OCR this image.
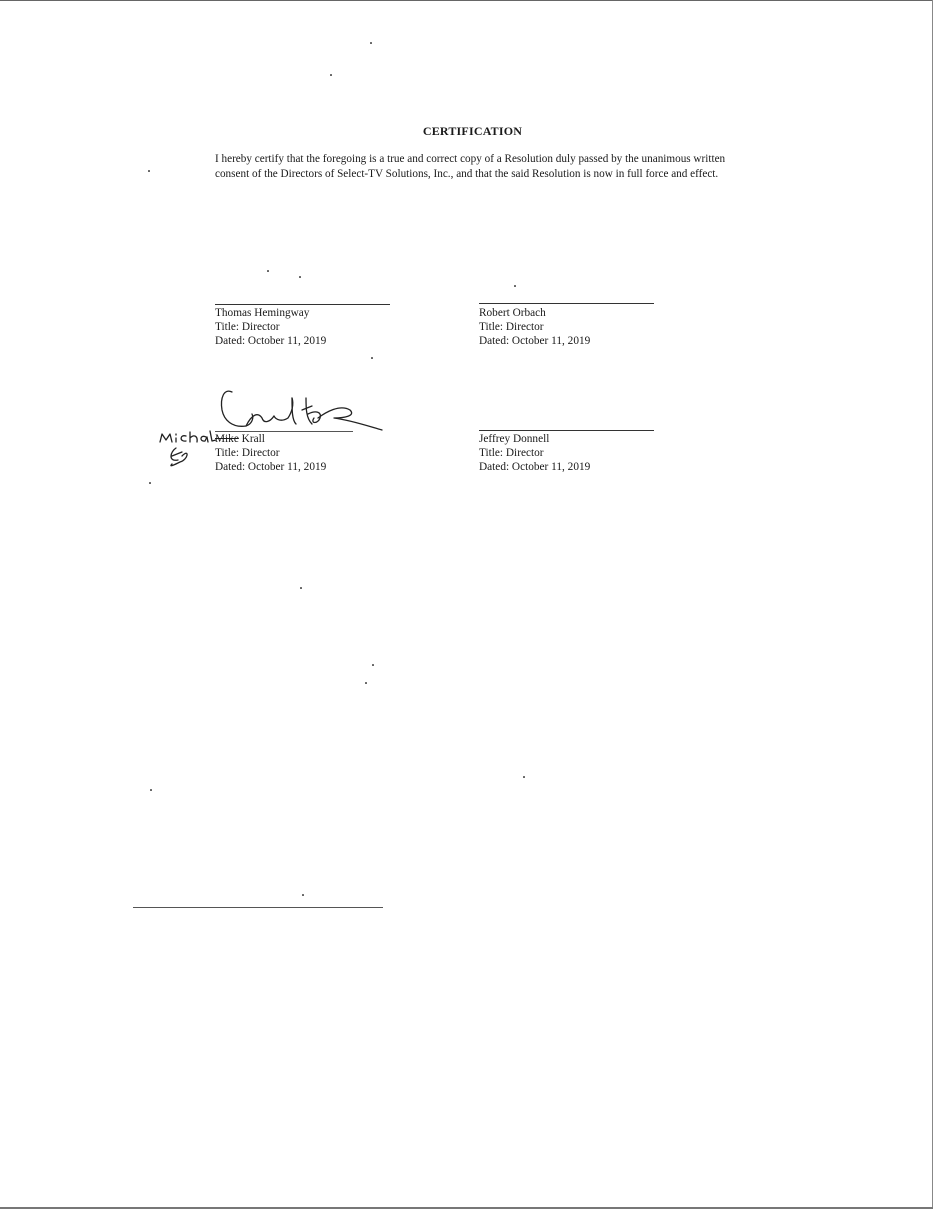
CERTIFICATION
I hereby certify that the foregoing is a true and correct copy of a Resolution duly passed by the unanimous written consent of the Directors of Select-TV Solutions, Inc., and that the said Resolution is now in full force and effect.
Thomas Hemingway
Title: Director
Dated: October 11, 2019
Robert Orbach
Title: Director
Dated: October 11, 2019
Mike Krall
Title: Director
Dated: October 11, 2019
Jeffrey Donnell
Title: Director
Dated: October 11, 2019
